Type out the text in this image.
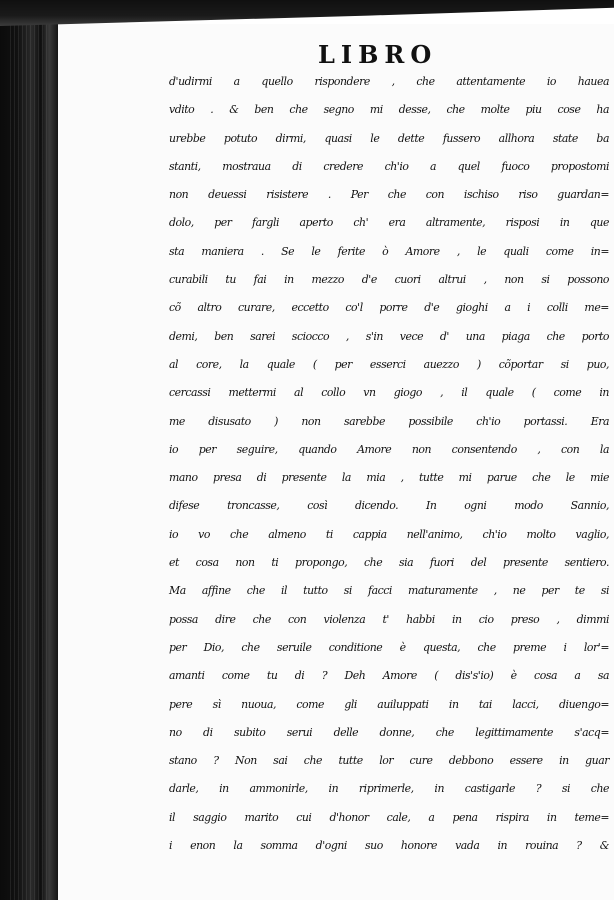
LIBRO
d'udirmi a quello rispondere , che attentamente io hauea
vdito . & ben che segno mi desse, che molte piu cose ha
urebbe potuto dirmi, quasi le dette fussero allhora state ba
stanti, mostraua di credere ch'io a quel fuoco propostomi
non deuessi risistere . Per che con ischiso riso guardan=
dolo, per fargli aperto ch' era altramente, risposi in que
sta maniera . Se le ferite ò Amore , le quali come in=
curabili tu fai in mezzo d'e cuori altrui , non si possono
cõ altro curare, eccetto co'l porre d'e gioghi a i colli me=
demi, ben sarei sciocco , s'in vece d' una piaga che porto
al core, la quale ( per esserci auezzo ) cõportar si puo,
cercassi mettermi al collo vn giogo , il quale ( come in
me disusato ) non sarebbe possibile ch'io portassi. Era
io per seguire, quando Amore non consentendo , con la
mano presa di presente la mia , tutte mi parue che le mie
difese troncasse, così dicendo. In ogni modo Sannio,
io vo che almeno ti cappia nell'animo, ch'io molto vaglio,
et cosa non ti propongo, che sia fuori del presente sentiero.
Ma affine che il tutto si facci maturamente , ne per te si
possa dire che con violenza t' habbi in cio preso , dimmi
per Dio, che seruile conditione è questa, che preme i lor'=
amanti come tu di ? Deh Amore ( dis's'io) è cosa a sa
pere sì nuoua, come gli auiluppati in tai lacci, diuengo=
no di subito serui delle donne, che legittimamente s'acq=
stano ? Non sai che tutte lor cure debbono essere in guar
darle, in ammonirle, in riprimerle, in castigarle ? si che
il saggio marito cui d'honor cale, a pena rispira in teme=
i enon la somma d'ogni suo honore vada in rouina ? &
